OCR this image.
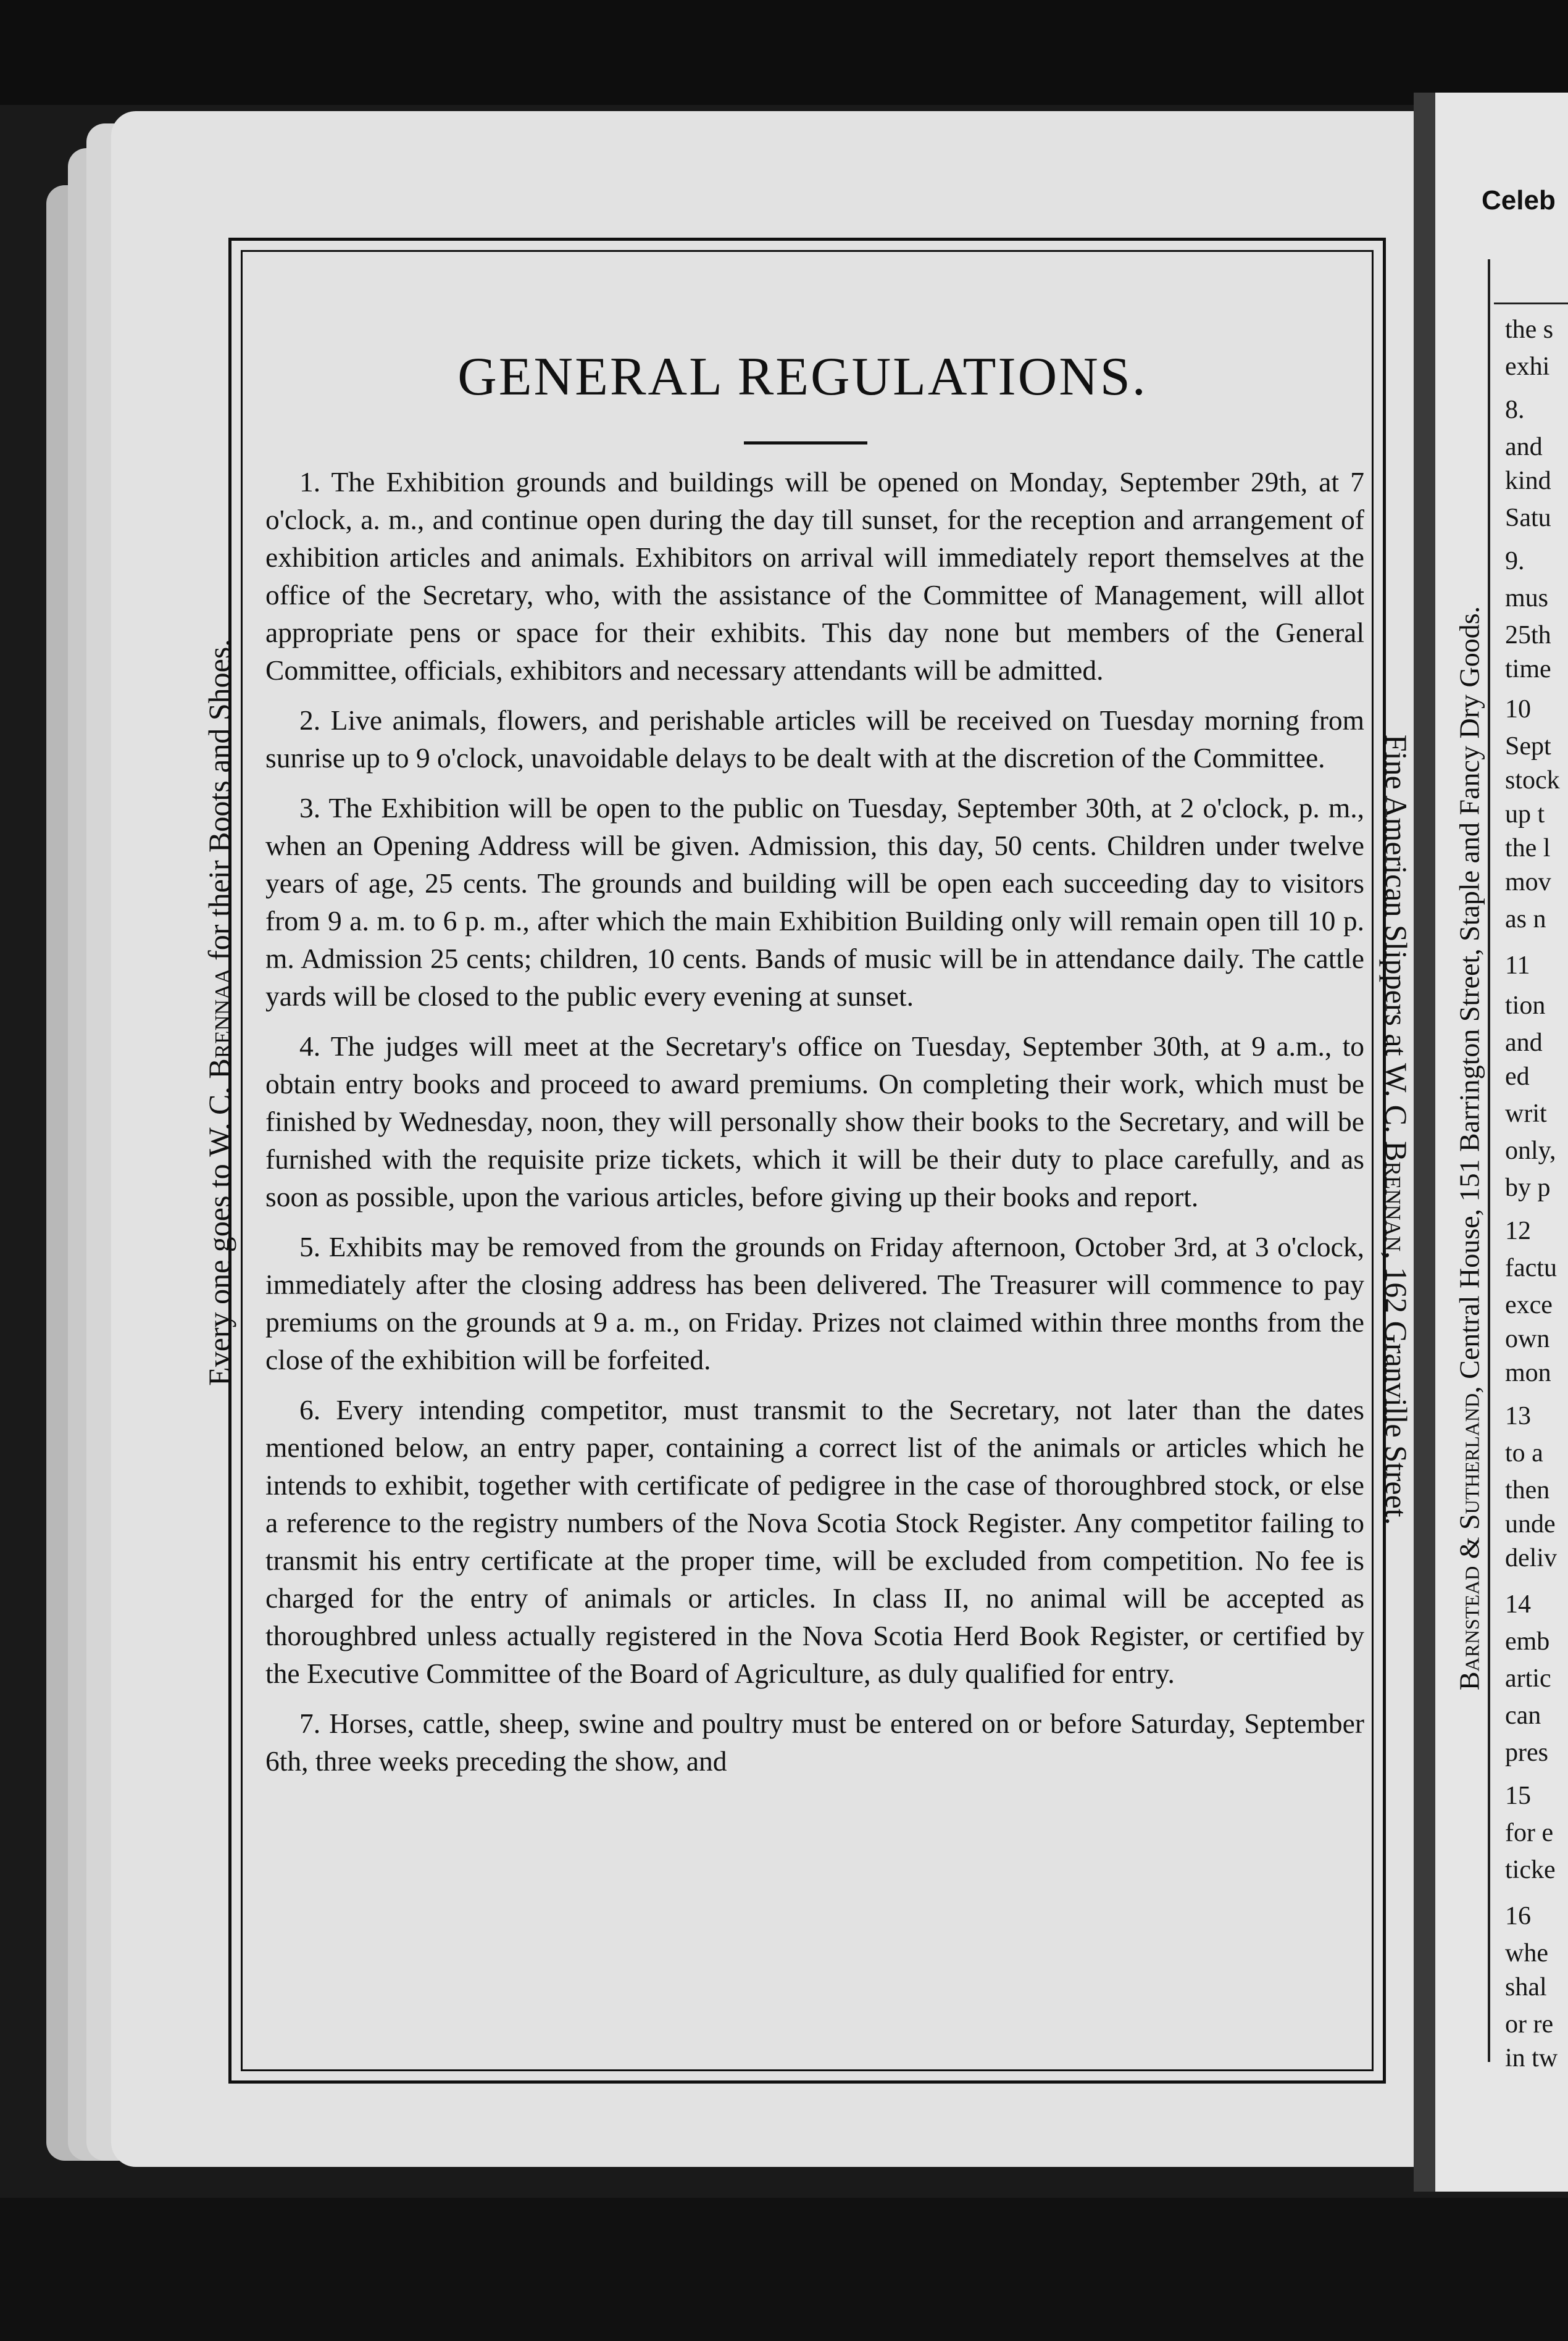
GENERAL REGULATIONS.

1. The Exhibition grounds and buildings will be opened on Monday, September 29th, at 7 o'clock, a. m., and continue open during the day till sunset, for the reception and arrangement of exhibition articles and animals. Exhibitors on arrival will immediately report themselves at the office of the Secretary, who, with the assistance of the Committee of Management, will allot appropriate pens or space for their exhibits. This day none but members of the General Committee, officials, exhibitors and necessary attendants will be admitted.

2. Live animals, flowers, and perishable articles will be received on Tuesday morning from sunrise up to 9 o'clock, unavoidable delays to be dealt with at the discretion of the Committee.

3. The Exhibition will be open to the public on Tuesday, September 30th, at 2 o'clock, p. m., when an Opening Address will be given. Admission, this day, 50 cents. Children under twelve years of age, 25 cents. The grounds and building will be open each succeeding day to visitors from 9 a. m. to 6 p. m., after which the main Exhibition Building only will remain open till 10 p. m. Admission 25 cents; children, 10 cents. Bands of music will be in attendance daily. The cattle yards will be closed to the public every evening at sunset.

4. The judges will meet at the Secretary's office on Tuesday, September 30th, at 9 a.m., to obtain entry books and proceed to award premiums. On completing their work, which must be finished by Wednesday, noon, they will personally show their books to the Secretary, and will be furnished with the requisite prize tickets, which it will be their duty to place carefully, and as soon as possible, upon the various articles, before giving up their books and report.

5. Exhibits may be removed from the grounds on Friday afternoon, October 3rd, at 3 o'clock, immediately after the closing address has been delivered. The Treasurer will commence to pay premiums on the grounds at 9 a. m., on Friday. Prizes not claimed within three months from the close of the exhibition will be forfeited.

6. Every intending competitor, must transmit to the Secretary, not later than the dates mentioned below, an entry paper, containing a correct list of the animals or articles which he intends to exhibit, together with certificate of pedigree in the case of thoroughbred stock, or else a reference to the registry numbers of the Nova Scotia Stock Register. Any competitor failing to transmit his entry certificate at the proper time, will be excluded from competition. No fee is charged for the entry of animals or articles. In class II, no animal will be accepted as thoroughbred unless actually registered in the Nova Scotia Herd Book Register, or certified by the Executive Committee of the Board of Agriculture, as duly qualified for entry.

7. Horses, cattle, sheep, swine and poultry must be entered on or before Saturday, September 6th, three weeks preceding the show, and

Every one goes to W. C. Brennaa for their Boots and Shoes.	Fine American Slippers at W. C. Brennan, 162 Granville Street.
Barnstead & Sutherland, Central House, 151 Barrington Street, Staple and Fancy Dry Goods.
Celeb
the s
exhi
8.
and
kind
Satu
9.
mus
25th
time
10
Sept
stock
up t
the l
mov
as n
11
tion
and
ed
writ
only,
by p
12
factu
exce
own
mon
13
to a
then
unde
deliv
14
emb
artic
can
pres
15
for e
ticke
16
whe
shal
or re
in tw
